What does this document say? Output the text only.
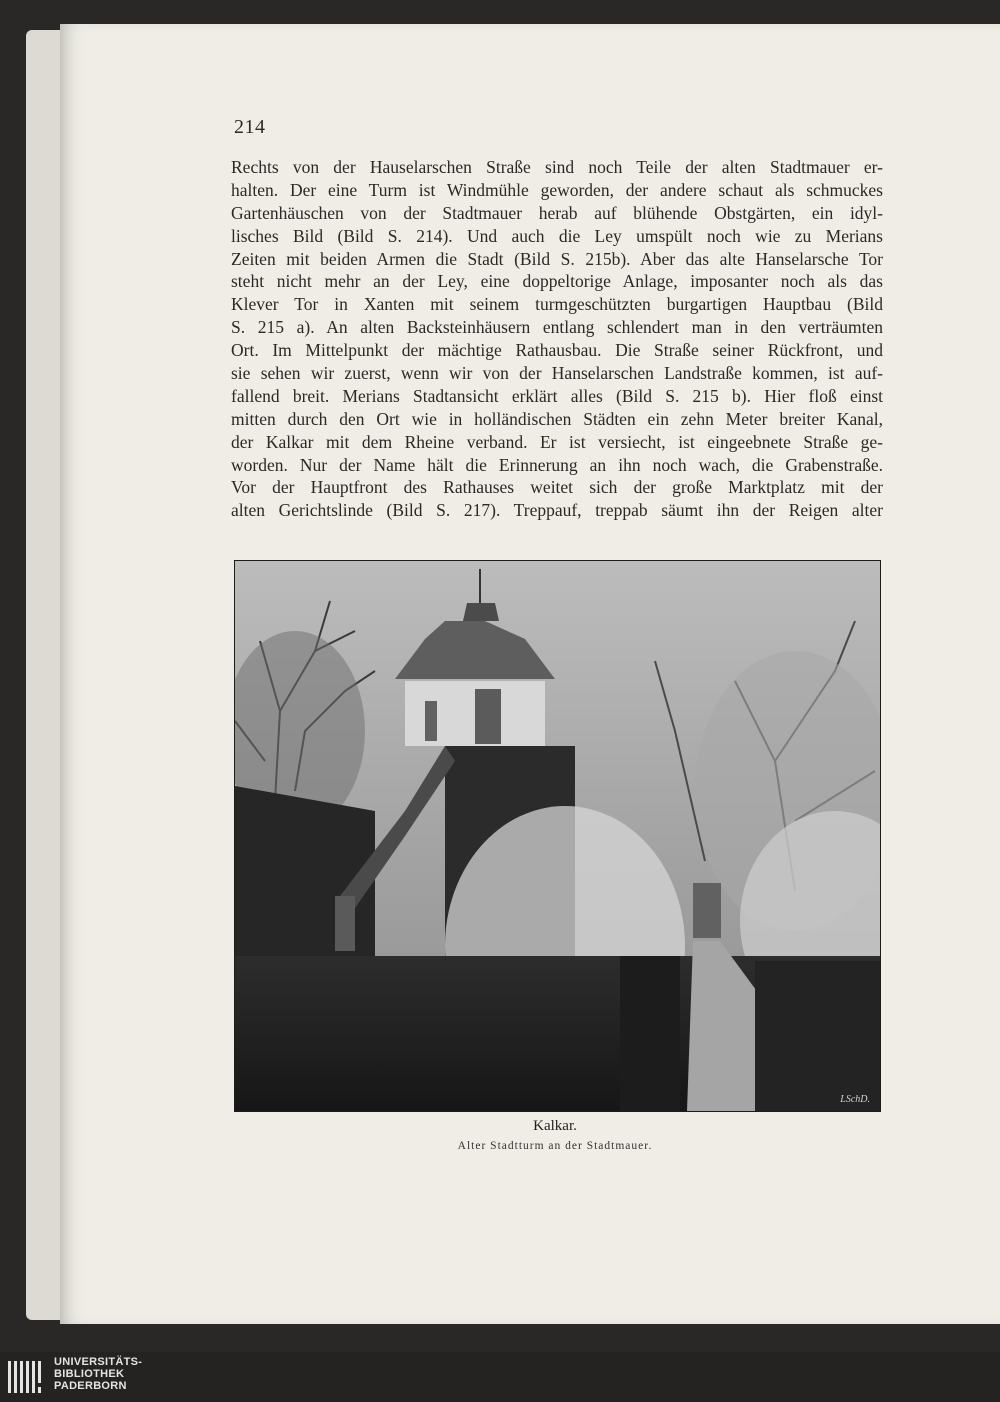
214
Rechts von der Hauselarschen Straße sind noch Teile der alten Stadtmauer er-
halten. Der eine Turm ist Windmühle geworden, der andere schaut als schmuckes
Gartenhäuschen von der Stadtmauer herab auf blühende Obstgärten, ein idyl-
lisches Bild (Bild S. 214). Und auch die Ley umspült noch wie zu Merians
Zeiten mit beiden Armen die Stadt (Bild S. 215b). Aber das alte Hanselarsche Tor
steht nicht mehr an der Ley, eine doppeltorige Anlage, imposanter noch als das
Klever Tor in Xanten mit seinem turmgeschützten burgartigen Hauptbau (Bild
S. 215 a). An alten Backsteinhäusern entlang schlendert man in den verträumten
Ort. Im Mittelpunkt der mächtige Rathausbau. Die Straße seiner Rückfront, und
sie sehen wir zuerst, wenn wir von der Hanselarschen Landstraße kommen, ist auf-
fallend breit. Merians Stadtansicht erklärt alles (Bild S. 215 b). Hier floß einst
mitten durch den Ort wie in holländischen Städten ein zehn Meter breiter Kanal,
der Kalkar mit dem Rheine verband. Er ist versiecht, ist eingeebnete Straße ge-
worden. Nur der Name hält die Erinnerung an ihn noch wach, die Grabenstraße.
Vor der Hauptfront des Rathauses weitet sich der große Marktplatz mit der
alten Gerichtslinde (Bild S. 217). Treppauf, treppab säumt ihn der Reigen alter
LSchD.
Kalkar.
Alter Stadtturm an der Stadtmauer.
UNIVERSITÄTS-
BIBLIOTHEK
PADERBORN
